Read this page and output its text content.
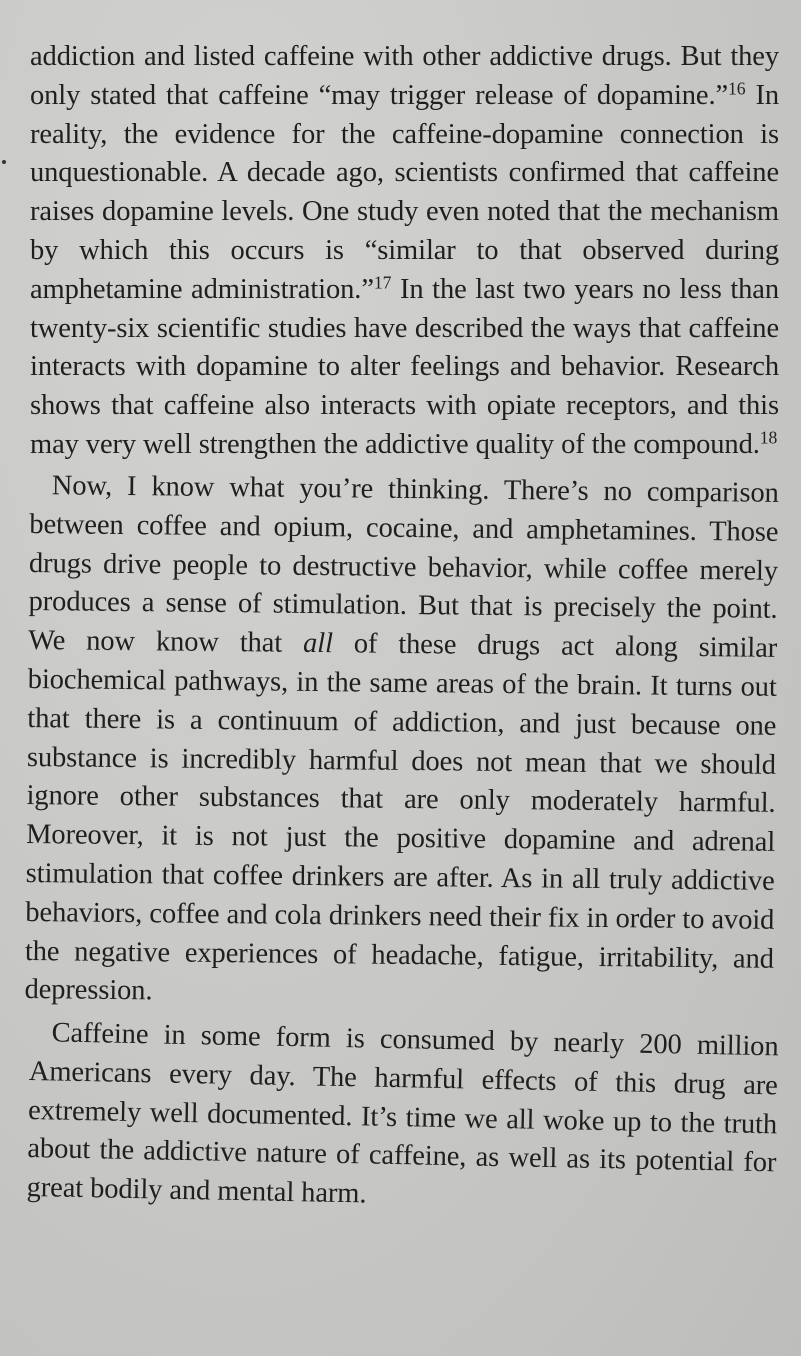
addiction and listed caffeine with other addictive drugs. But they only stated that caffeine “may trigger release of dopamine.”$^{16}$ In reality, the evidence for the caffeine-dopamine connection is unquestionable. A decade ago, scientists confirmed that caffeine raises dopamine levels. One study even noted that the mechanism by which this occurs is “similar to that observed during amphetamine administration.”$^{17}$ In the last two years no less than twenty-six scientific studies have described the ways that caffeine interacts with dopamine to alter feelings and behavior. Research shows that caffeine also interacts with opiate receptors, and this may very well strengthen the addictive quality of the compound.$^{18}$

Now, I know what you’re thinking. There’s no comparison between coffee and opium, cocaine, and amphetamines. Those drugs drive people to destructive behavior, while coffee merely produces a sense of stimulation. But that is precisely the point. We now know that all of these drugs act along similar biochemical pathways, in the same areas of the brain. It turns out that there is a continuum of addiction, and just because one substance is incredibly harmful does not mean that we should ignore other substances that are only moderately harmful. Moreover, it is not just the positive dopamine and adrenal stimulation that coffee drinkers are after. As in all truly addictive behaviors, coffee and cola drinkers need their fix in order to avoid the negative experiences of headache, fatigue, irritability, and depression.

Caffeine in some form is consumed by nearly 200 million Americans every day. The harmful effects of this drug are extremely well documented. It’s time we all woke up to the truth about the addictive nature of caffeine, as well as its potential for great bodily and mental harm.
